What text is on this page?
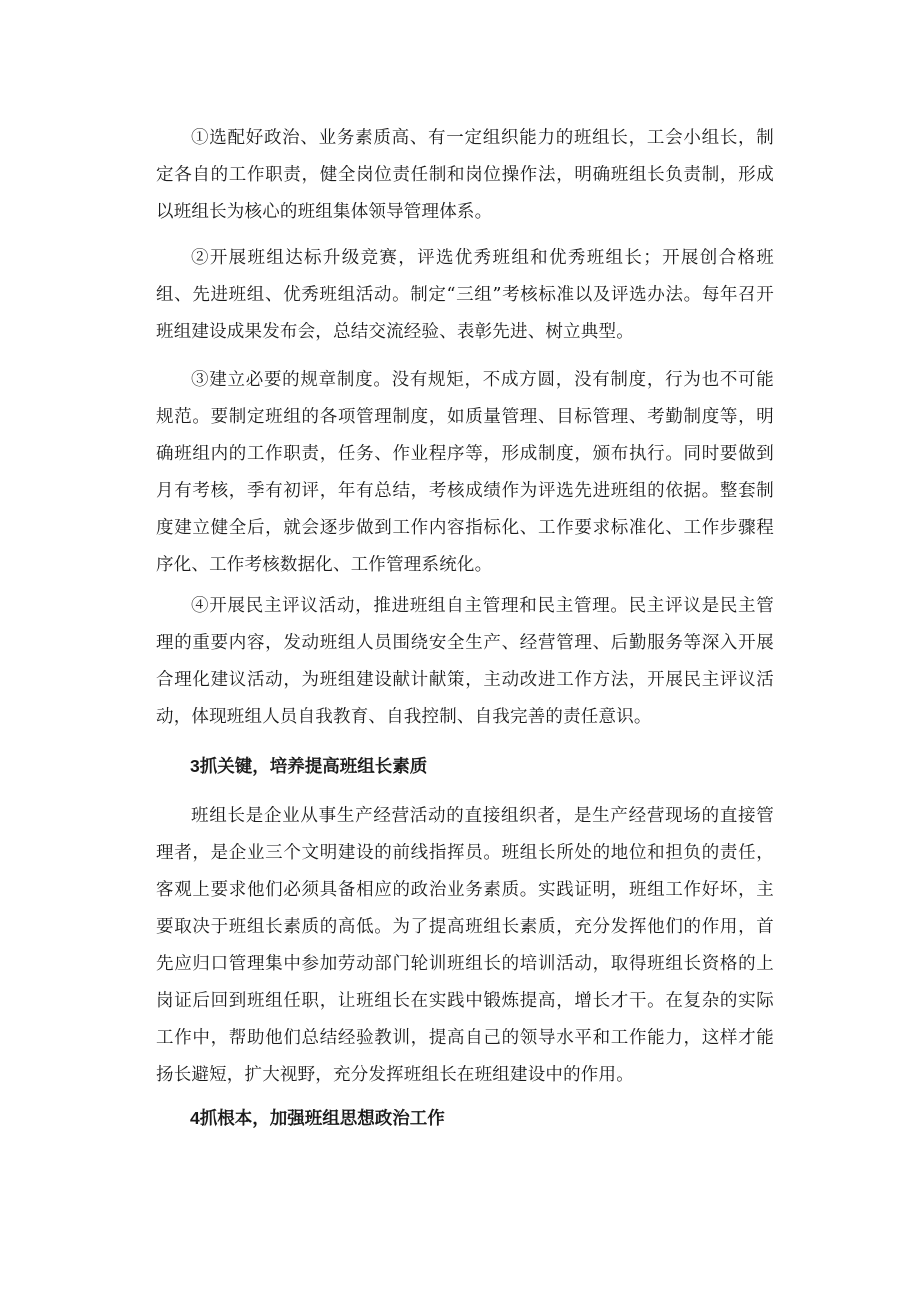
①选配好政治、业务素质高、有一定组织能力的班组长，工会小组长，制定各自的工作职责，健全岗位责任制和岗位操作法，明确班组长负责制，形成以班组长为核心的班组集体领导管理体系。

②开展班组达标升级竞赛，评选优秀班组和优秀班组长；开展创合格班组、先进班组、优秀班组活动。制定“三组”考核标准以及评选办法。每年召开班组建设成果发布会，总结交流经验、表彰先进、树立典型。

③建立必要的规章制度。没有规矩，不成方圆，没有制度，行为也不可能规范。要制定班组的各项管理制度，如质量管理、目标管理、考勤制度等，明确班组内的工作职责，任务、作业程序等，形成制度，颁布执行。同时要做到月有考核，季有初评，年有总结，考核成绩作为评选先进班组的依据。整套制度建立健全后，就会逐步做到工作内容指标化、工作要求标准化、工作步骤程序化、工作考核数据化、工作管理系统化。

④开展民主评议活动，推进班组自主管理和民主管理。民主评议是民主管理的重要内容，发动班组人员围绕安全生产、经营管理、后勤服务等深入开展合理化建议活动，为班组建设献计献策，主动改进工作方法，开展民主评议活动，体现班组人员自我教育、自我控制、自我完善的责任意识。

3抓关键，培养提高班组长素质

班组长是企业从事生产经营活动的直接组织者，是生产经营现场的直接管理者，是企业三个文明建设的前线指挥员。班组长所处的地位和担负的责任，客观上要求他们必须具备相应的政治业务素质。实践证明，班组工作好坏，主要取决于班组长素质的高低。为了提高班组长素质，充分发挥他们的作用，首先应归口管理集中参加劳动部门轮训班组长的培训活动，取得班组长资格的上岗证后回到班组任职，让班组长在实践中锻炼提高，增长才干。在复杂的实际工作中，帮助他们总结经验教训，提高自己的领导水平和工作能力，这样才能扬长避短，扩大视野，充分发挥班组长在班组建设中的作用。

4抓根本，加强班组思想政治工作
